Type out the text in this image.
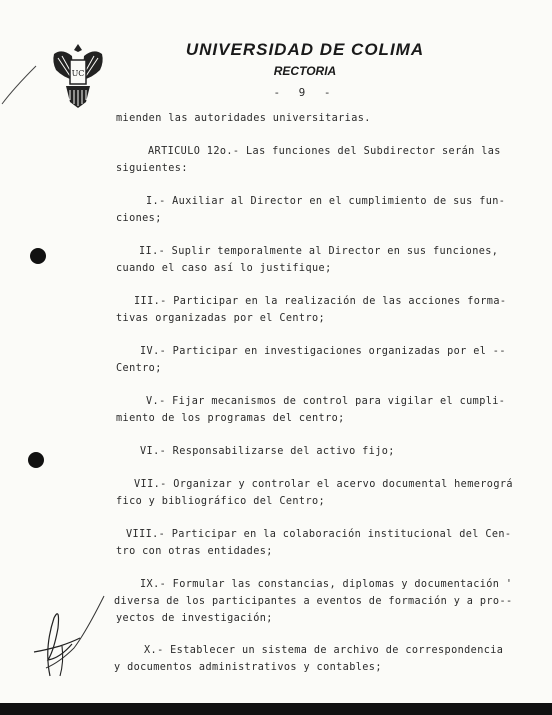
UC
UNIVERSIDAD DE COLIMA
RECTORIA
- 9 -
mienden las autoridades universitarias.
ARTICULO 12o.- Las funciones del Subdirector serán las
siguientes:
I.- Auxiliar al Director en el cumplimiento de sus fun-
ciones;
II.- Suplir temporalmente al Director en sus funciones,
cuando el caso así lo justifique;
III.- Participar en la realización de las acciones forma-
tivas organizadas por el Centro;
IV.- Participar en investigaciones organizadas por el --
Centro;
V.- Fijar mecanismos de control para vigilar el cumpli-
miento de los programas del centro;
VI.- Responsabilizarse del activo fijo;
VII.- Organizar y controlar el acervo documental hemerográ
fico y bibliográfico del Centro;
VIII.- Participar en la colaboración institucional del Cen-
tro con otras entidades;
IX.- Formular las constancias, diplomas y documentación '
diversa de los participantes a eventos de formación y a pro--
yectos de investigación;
X.- Establecer un sistema de archivo de correspondencia
y documentos administrativos y contables;
